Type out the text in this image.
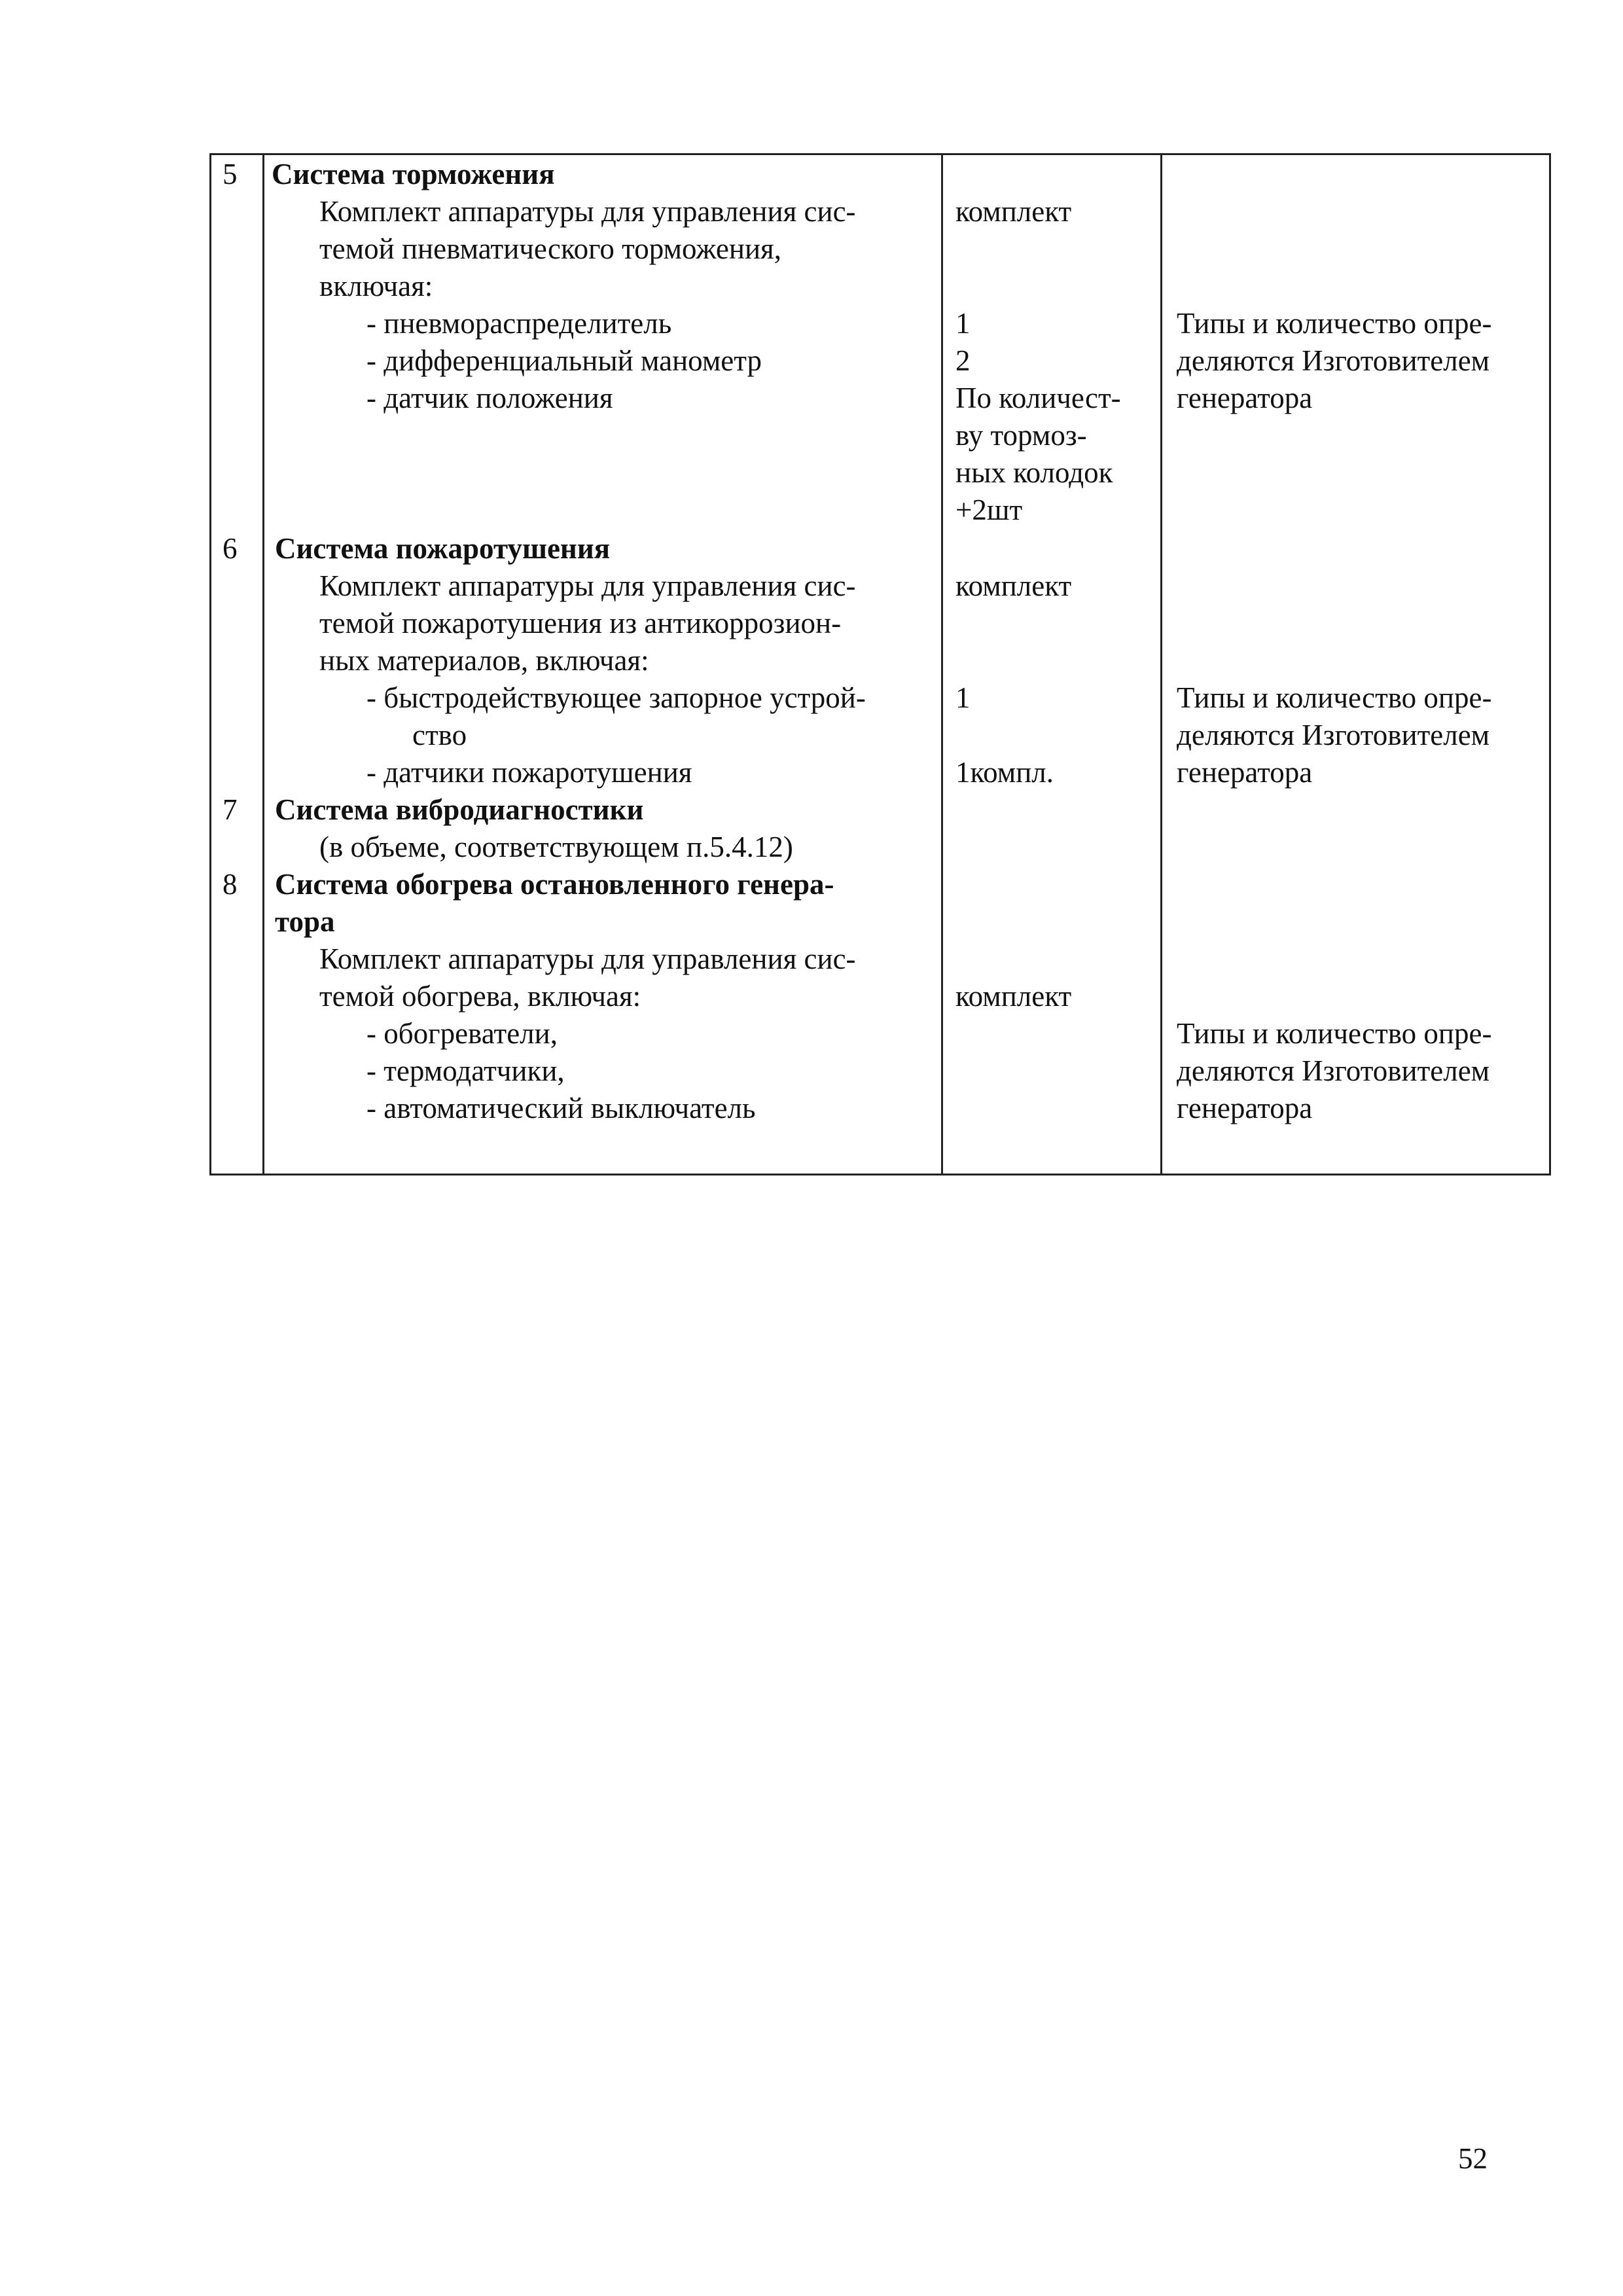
5 Система торможения
Комплект аппаратуры для управления сис-
темой пневматического торможения,
включая:
- пневмораспределитель
- дифференциальный манометр
- датчик положения
комплект
1
2
По количест-
ву тормоз-
ных колодок
+2шт
Типы и количество опре-
деляются Изготовителем
генератора
6 Система пожаротушения
Комплект аппаратуры для управления сис-
темой пожаротушения из антикоррозион-
ных материалов, включая:
- быстродействующее запорное устрой-
ство
- датчики пожаротушения
комплект
1
1компл.
Типы и количество опре-
деляются Изготовителем
генератора
7 Система вибродиагностики
(в объеме, соответствующем п.5.4.12)
8 Система обогрева остановленного генера-
тора
Комплект аппаратуры для управления сис-
темой обогрева, включая:
- обогреватели,
- термодатчики,
- автоматический выключатель
комплект
Типы и количество опре-
деляются Изготовителем
генератора
52
